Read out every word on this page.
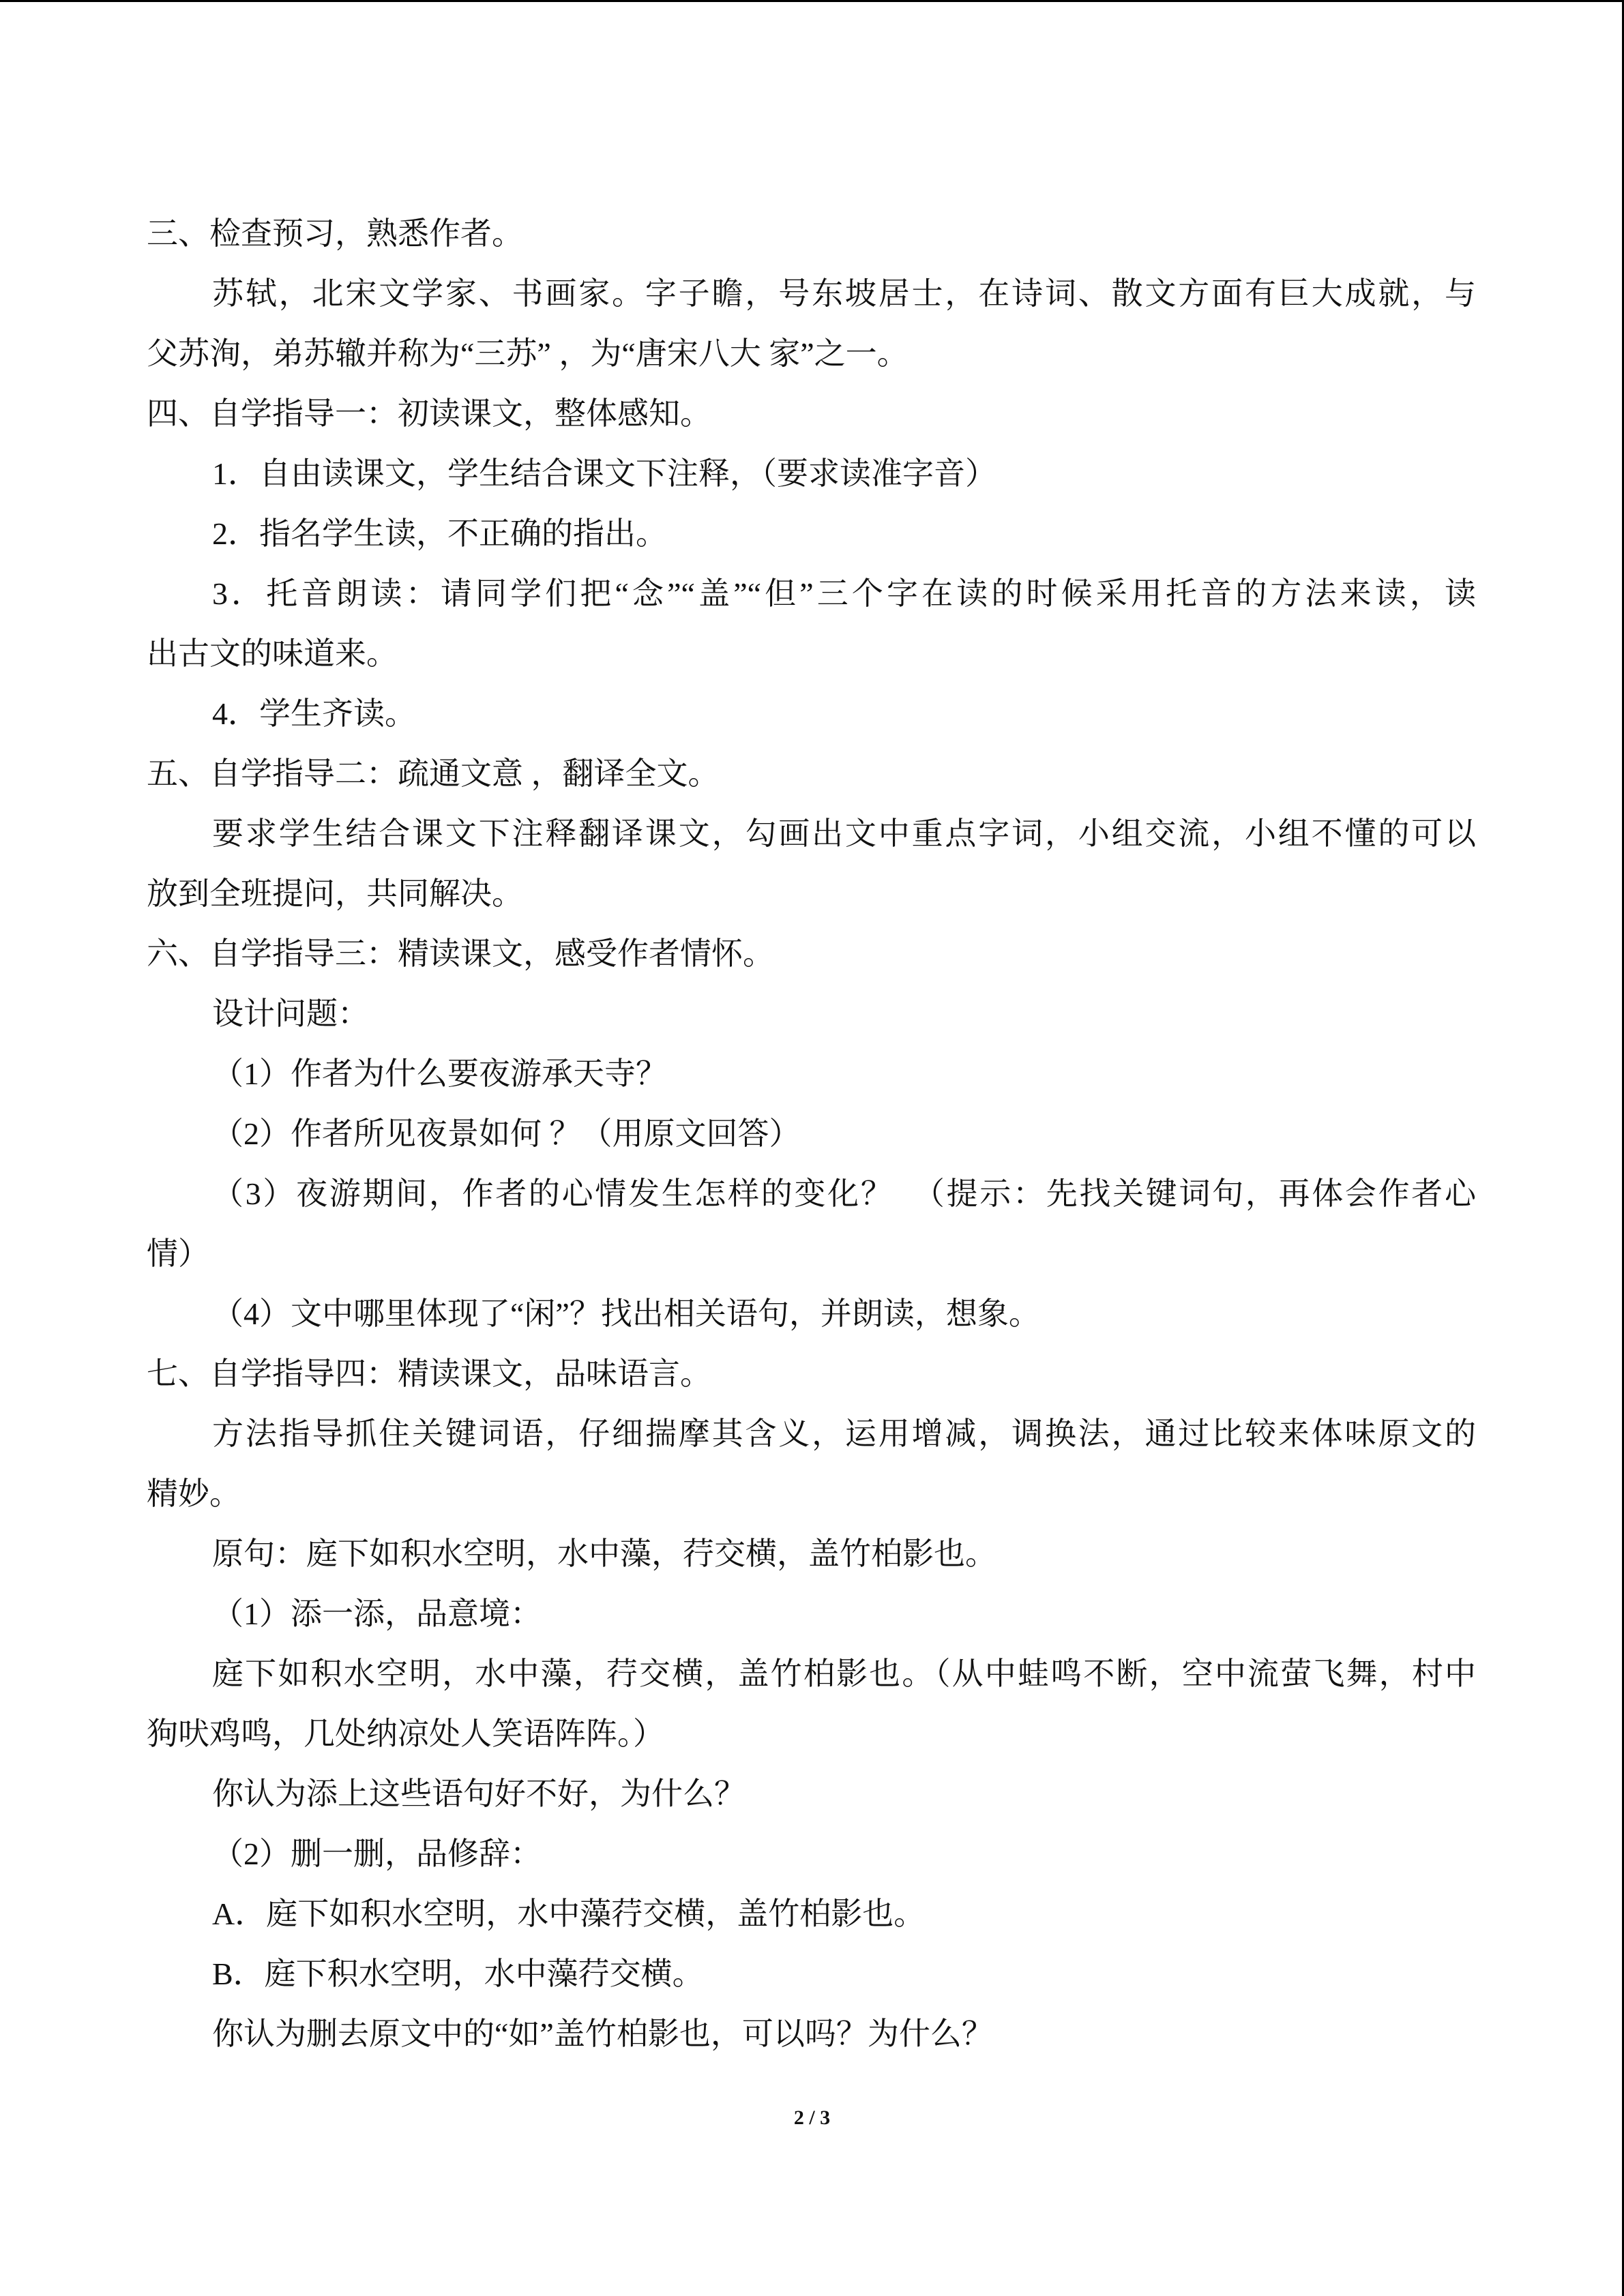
三、检查预习，熟悉作者。
苏轼，北宋文学家、书画家。字子瞻，号东坡居士，在诗词、散文方面有巨大成就，与
父苏洵，弟苏辙并称为“三苏” ，为“唐宋八大 家”之一。
四、自学指导一：初读课文，整体感知。
1．自由读课文，学生结合课文下注释，（要求读准字音）
2．指名学生读，不正确的指出。
3．托音朗读：请同学们把“念”“盖”“但”三个字在读的时候采用托音的方法来读，读
出古文的味道来。
4．学生齐读。
五、自学指导二：疏通文意 ，翻译全文。
要求学生结合课文下注释翻译课文，勾画出文中重点字词，小组交流，小组不懂的可以
放到全班提问，共同解决。
六、自学指导三：精读课文，感受作者情怀。
设计问题：
（1）作者为什么要夜游承天寺？
（2）作者所见夜景如何 ？（用原文回答）
（3）夜游期间，作者的心情发生怎样的变化？  （提示：先找关键词句，再体会作者心
情）
（4）文中哪里体现了“闲”？找出相关语句，并朗读，想象。
七、自学指导四：精读课文，品味语言。
方法指导抓住关键词语，仔细揣摩其含义，运用增减，调换法，通过比较来体味原文的
精妙。
原句：庭下如积水空明，水中藻，荇交横，盖竹柏影也。
（1）添一添，品意境：
庭下如积水空明，水中藻，荇交横，盖竹柏影也。（从中蛙鸣不断，空中流萤飞舞，村中
狗吠鸡鸣，几处纳凉处人笑语阵阵。）
你认为添上这些语句好不好，为什么？
（2）删一删，品修辞：
A．庭下如积水空明，水中藻荇交横，盖竹柏影也。
B．庭下积水空明，水中藻荇交横。
你认为删去原文中的“如”盖竹柏影也，可以吗？为什么？
2 / 3
